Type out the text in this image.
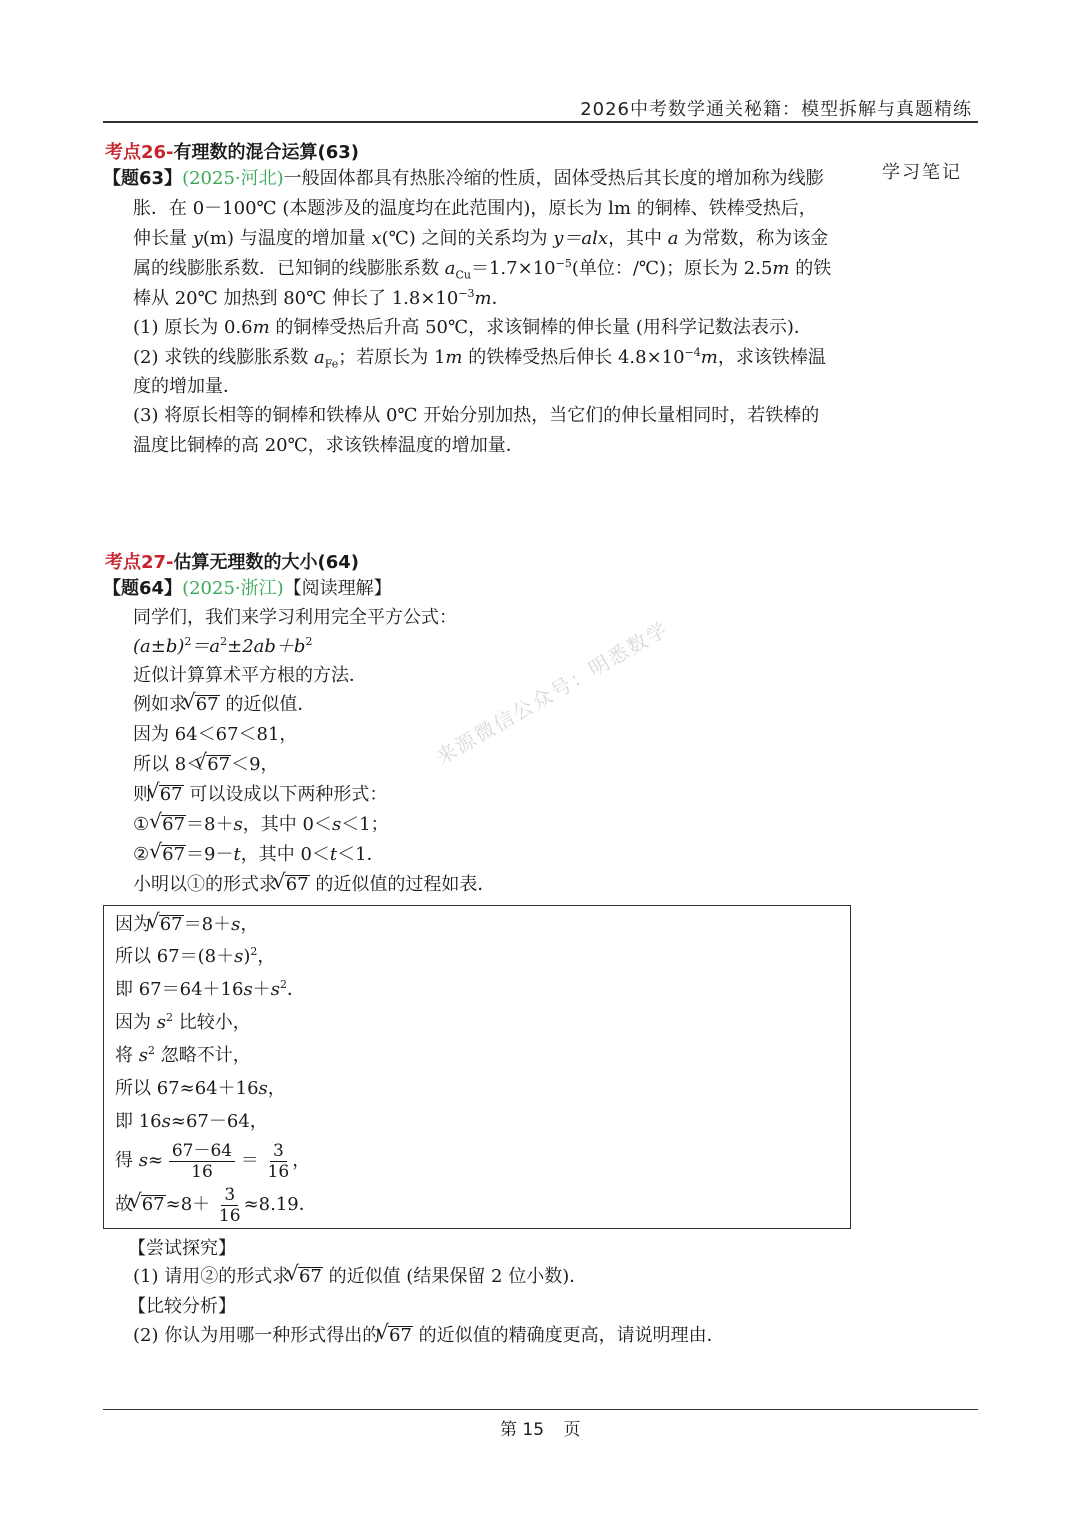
2026中考数学通关秘籍：模型拆解与真题精练
学习笔记
考点26-有理数的混合运算(63)
【题63】(2025·河北)一般固体都具有热胀冷缩的性质，固体受热后其长度的增加称为线膨
胀．在 0－100℃ (本题涉及的温度均在此范围内)，原长为 lm 的铜棒、铁棒受热后，
伸长量 y(m) 与温度的增加量 x(℃) 之间的关系均为 y＝alx，其中 a 为常数，称为该金
属的线膨胀系数．已知铜的线膨胀系数 $a_{Cu}=1.7\times 10^{-5}$(单位：/℃)；原长为 2.5m 的铁
棒从 20℃ 加热到 80℃ 伸长了 $1.8\times 10^{-3}m$．
(1) 原长为 0.6m 的铜棒受热后升高 50℃，求该铜棒的伸长量 (用科学记数法表示)．
(2) 求铁的线膨胀系数 $a_{Fe}$；若原长为 1m 的铁棒受热后伸长 $4.8\times 10^{-4}m$，求该铁棒温
度的增加量．
(3) 将原长相等的铜棒和铁棒从 0℃ 开始分别加热，当它们的伸长量相同时，若铁棒的
温度比铜棒的高 20℃，求该铁棒温度的增加量．
考点27-估算无理数的大小(64)
【题64】(2025·浙江)【阅读理解】
同学们，我们来学习利用完全平方公式：
$(a\pm b)^2=a^2\pm 2ab+b^2$
近似计算算术平方根的方法．
例如求 √ 67 的近似值．
因为 64＜67＜81，
所以 8＜ √ 67＜9，
则 √ 67 可以设成以下两种形式：
① √ 67＝8＋s，其中 0＜s＜1；
② √ 67＝9－t，其中 0＜t＜1．
小明以①的形式求 √ 67 的近似值的过程如表．
因为 √ 67＝8＋s，
所以 $67=(8+s)^2$，
即 $67=64+16s+s^2$．
因为 $s^2$ 比较小，
将 $s^2$ 忽略不计，
所以 67≈64＋16s，
即 16s≈67－64，
得 $s\approx \frac{67-64}{16} = \frac{3}{16}$ ，
故 √ $67\approx 8+ \frac{3}{16} \approx 8.19$．
【尝试探究】
(1) 请用②的形式求 √ 67 的近似值 (结果保留 2 位小数)．
【比较分析】
(2) 你认为用哪一种形式得出的 √ 67 的近似值的精确度更高，请说明理由．
来源微信公众号：明悉数学
第 15 页
